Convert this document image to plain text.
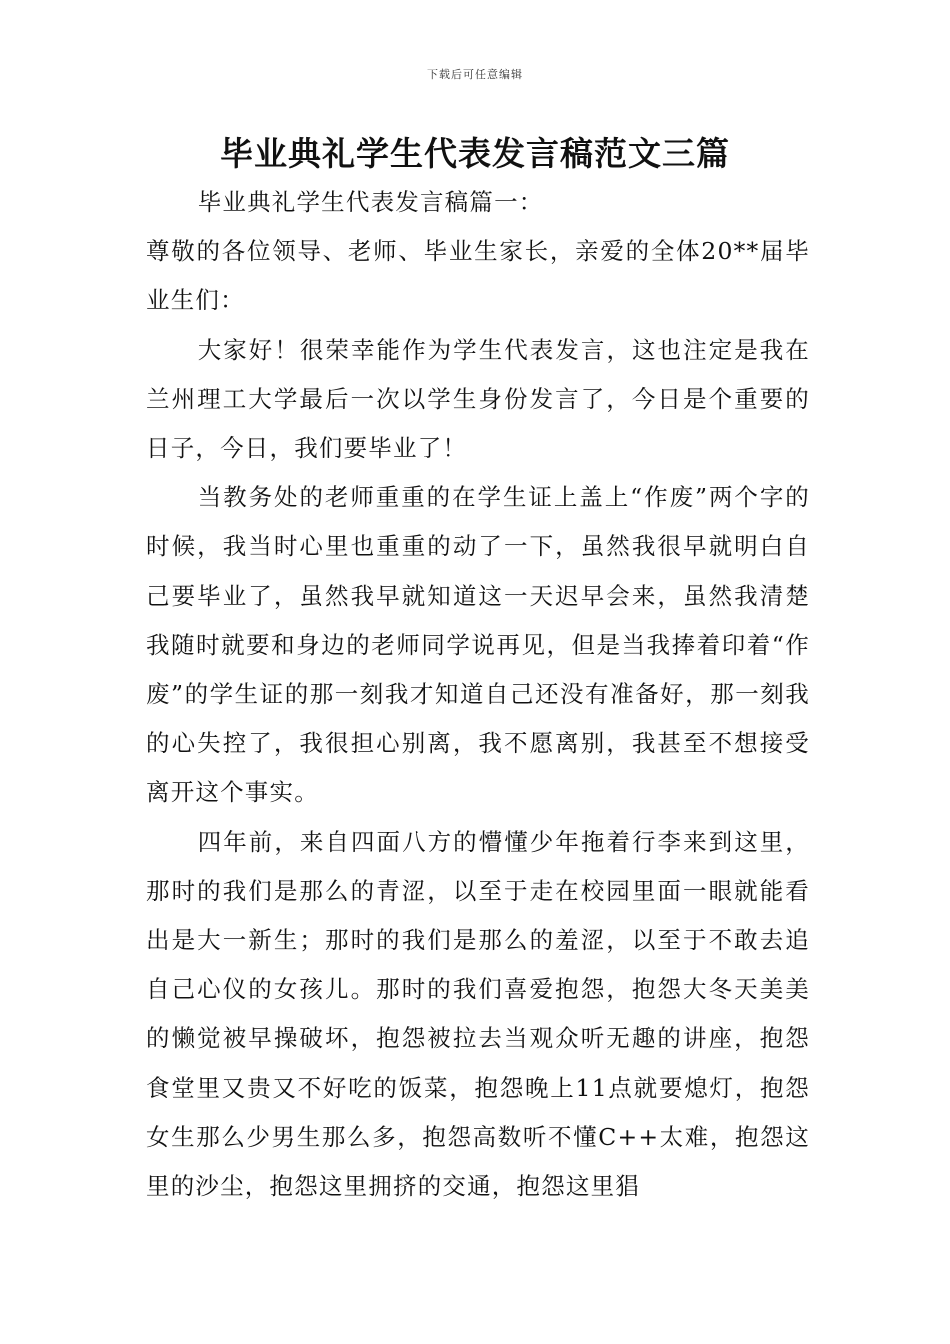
下载后可任意编辑
毕业典礼学生代表发言稿范文三篇

毕业典礼学生代表发言稿篇一：

尊敬的各位领导、老师、毕业生家长，亲爱的全体20**届毕业生们：

大家好！很荣幸能作为学生代表发言，这也注定是我在兰州理工大学最后一次以学生身份发言了，今日是个重要的日子，今日，我们要毕业了！

当教务处的老师重重的在学生证上盖上“作废”两个字的时候，我当时心里也重重的动了一下，虽然我很早就明白自己要毕业了，虽然我早就知道这一天迟早会来，虽然我清楚我随时就要和身边的老师同学说再见，但是当我捧着印着“作废”的学生证的那一刻我才知道自己还没有准备好，那一刻我的心失控了，我很担心别离，我不愿离别，我甚至不想接受离开这个事实。

四年前，来自四面八方的懵懂少年拖着行李来到这里，那时的我们是那么的青涩，以至于走在校园里面一眼就能看出是大一新生；那时的我们是那么的羞涩，以至于不敢去追自己心仪的女孩儿。那时的我们喜爱抱怨，抱怨大冬天美美的懒觉被早操破坏，抱怨被拉去当观众听无趣的讲座，抱怨食堂里又贵又不好吃的饭菜，抱怨晚上11点就要熄灯，抱怨女生那么少男生那么多，抱怨高数听不懂C++太难，抱怨这里的沙尘，抱怨这里拥挤的交通，抱怨这里猖
